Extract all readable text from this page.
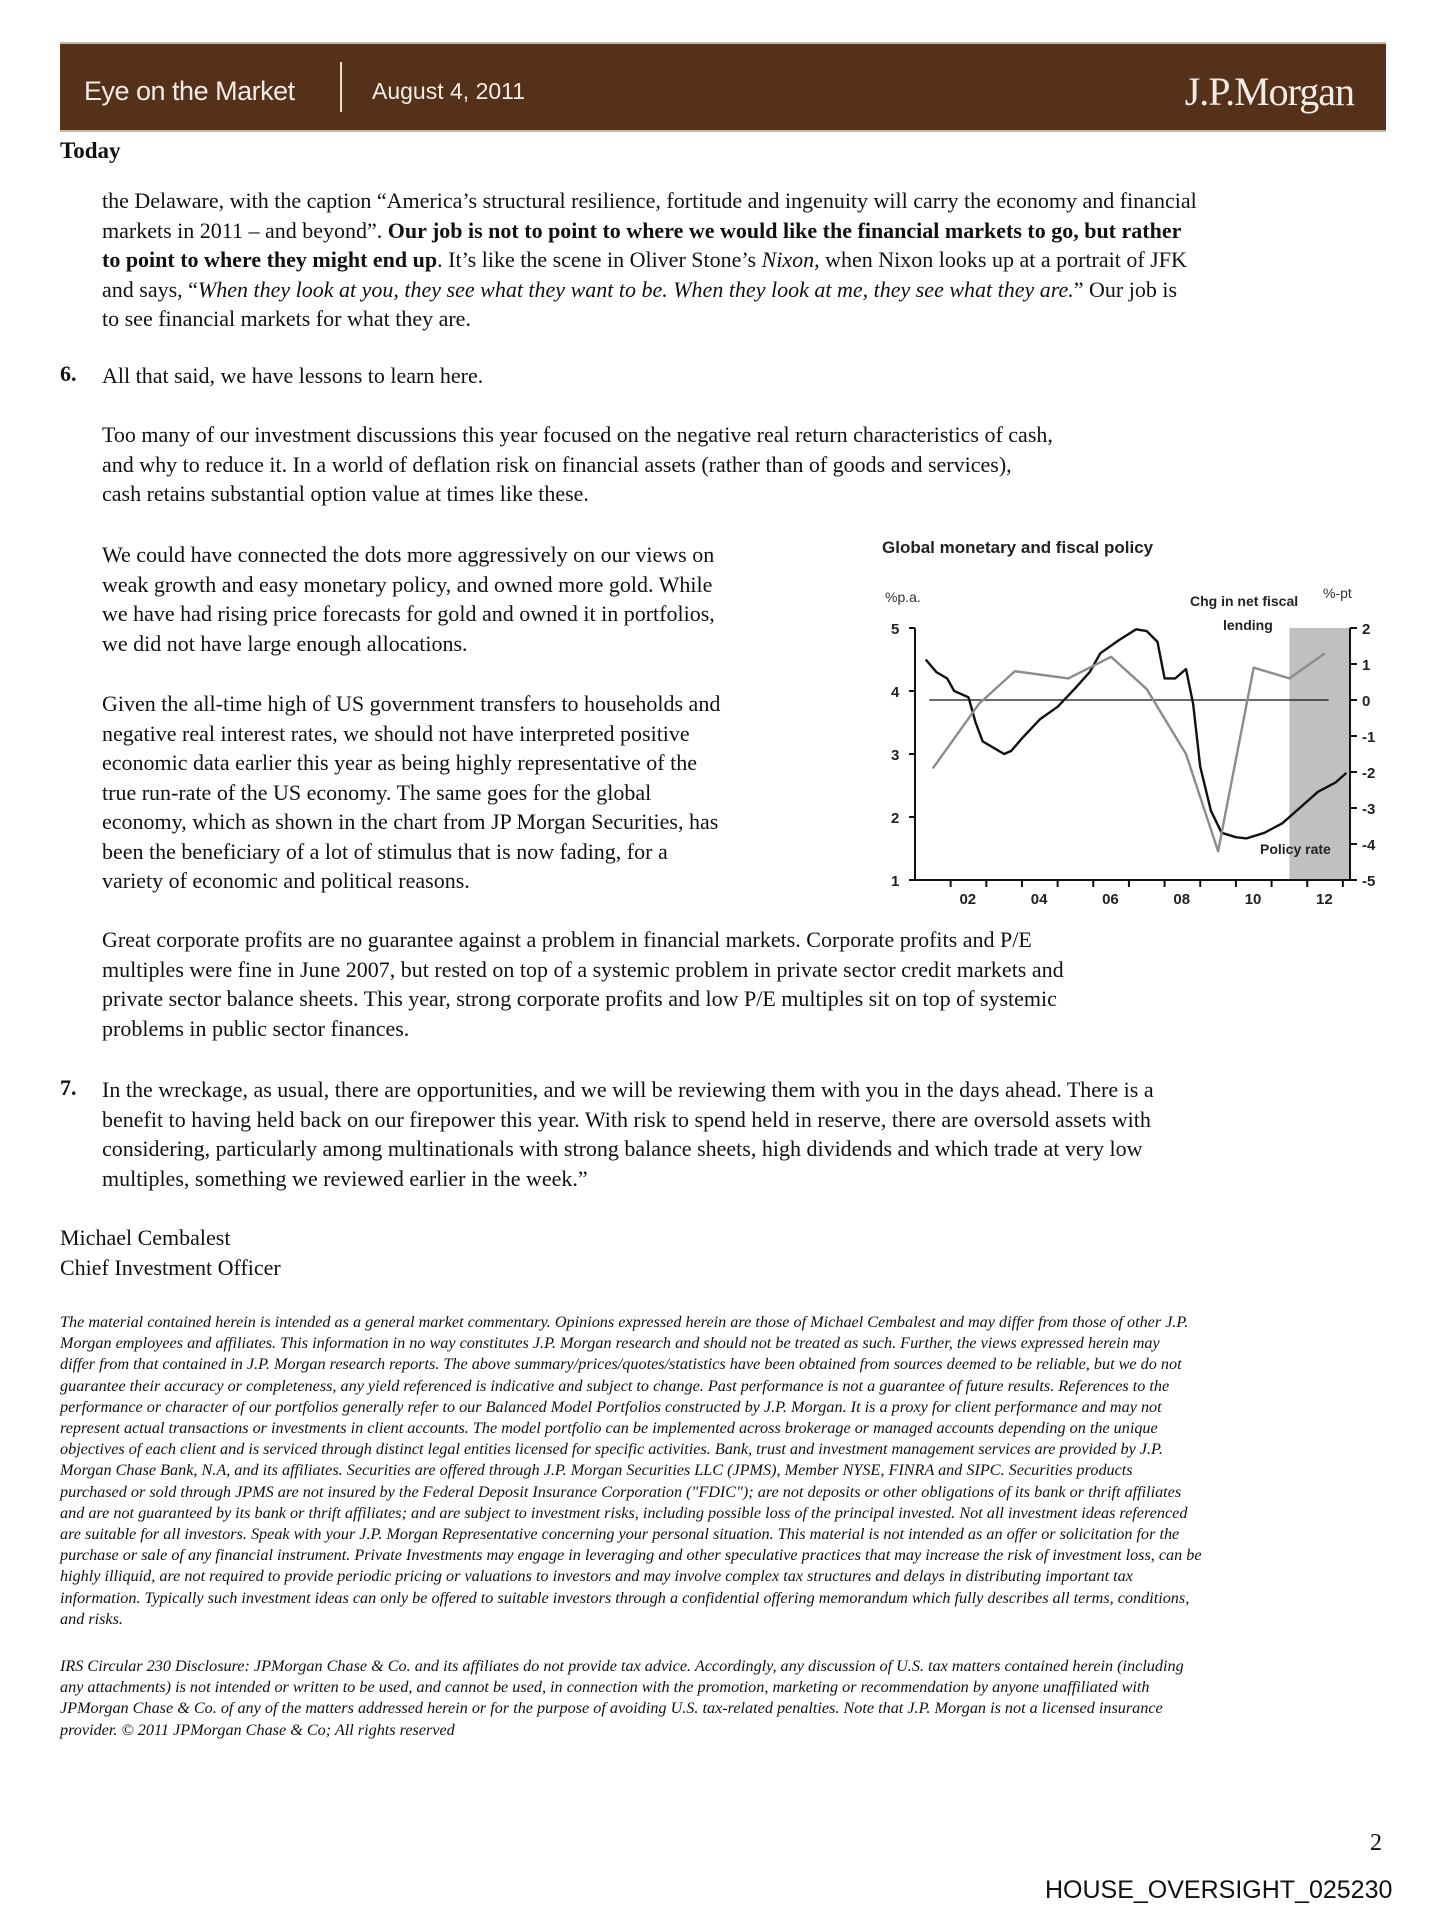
Eye on the Market	August 4, 2011	J.P.Morgan
Today

the Delaware, with the caption “America’s structural resilience, fortitude and ingenuity will carry the economy and financial

markets in 2011 – and beyond”. Our job is not to point to where we would like the financial markets to go, but rather

to point to where they might end up. It’s like the scene in Oliver Stone’s Nixon, when Nixon looks up at a portrait of JFK

and says, “When they look at you, they see what they want to be. When they look at me, they see what they are.” Our job is

to see financial markets for what they are.

6. All that said, we have lessons to learn here.

Too many of our investment discussions this year focused on the negative real return characteristics of cash,

and why to reduce it. In a world of deflation risk on financial assets (rather than of goods and services),

cash retains substantial option value at times like these.

We could have connected the dots more aggressively on our views on

weak growth and easy monetary policy, and owned more gold. While

we have had rising price forecasts for gold and owned it in portfolios,

we did not have large enough allocations.

Given the all-time high of US government transfers to households and

negative real interest rates, we should not have interpreted positive

economic data earlier this year as being highly representative of the

true run-rate of the US economy. The same goes for the global

economy, which as shown in the chart from JP Morgan Securities, has

been the beneficiary of a lot of stimulus that is now fading, for a

variety of economic and political reasons.

Global monetary and fiscal policy
1
2
3
4
5
-5
-4
-3
-2
-1
0
1
2
02	04	06	08	10	12
%p.a.	%-pt
Chg in net fiscal
lending
Policy rate

Great corporate profits are no guarantee against a problem in financial markets. Corporate profits and P/E

multiples were fine in June 2007, but rested on top of a systemic problem in private sector credit markets and

private sector balance sheets. This year, strong corporate profits and low P/E multiples sit on top of systemic

problems in public sector finances.

7. In the wreckage, as usual, there are opportunities, and we will be reviewing them with you in the days ahead. There is a

benefit to having held back on our firepower this year. With risk to spend held in reserve, there are oversold assets with

considering, particularly among multinationals with strong balance sheets, high dividends and which trade at very low

multiples, something we reviewed earlier in the week.”

Michael Cembalest

Chief Investment Officer

The material contained herein is intended as a general market commentary. Opinions expressed herein are those of Michael Cembalest and may differ from those of other J.P.

Morgan employees and affiliates. This information in no way constitutes J.P. Morgan research and should not be treated as such. Further, the views expressed herein may

differ from that contained in J.P. Morgan research reports. The above summary/prices/quotes/statistics have been obtained from sources deemed to be reliable, but we do not

guarantee their accuracy or completeness, any yield referenced is indicative and subject to change. Past performance is not a guarantee of future results. References to the

performance or character of our portfolios generally refer to our Balanced Model Portfolios constructed by J.P. Morgan. It is a proxy for client performance and may not

represent actual transactions or investments in client accounts. The model portfolio can be implemented across brokerage or managed accounts depending on the unique

objectives of each client and is serviced through distinct legal entities licensed for specific activities. Bank, trust and investment management services are provided by J.P.

Morgan Chase Bank, N.A, and its affiliates. Securities are offered through J.P. Morgan Securities LLC (JPMS), Member NYSE, FINRA and SIPC. Securities products

purchased or sold through JPMS are not insured by the Federal Deposit Insurance Corporation ("FDIC"); are not deposits or other obligations of its bank or thrift affiliates

and are not guaranteed by its bank or thrift affiliates; and are subject to investment risks, including possible loss of the principal invested. Not all investment ideas referenced

are suitable for all investors. Speak with your J.P. Morgan Representative concerning your personal situation. This material is not intended as an offer or solicitation for the

purchase or sale of any financial instrument. Private Investments may engage in leveraging and other speculative practices that may increase the risk of investment loss, can be

highly illiquid, are not required to provide periodic pricing or valuations to investors and may involve complex tax structures and delays in distributing important tax

information. Typically such investment ideas can only be offered to suitable investors through a confidential offering memorandum which fully describes all terms, conditions,

and risks.

IRS Circular 230 Disclosure: JPMorgan Chase & Co. and its affiliates do not provide tax advice. Accordingly, any discussion of U.S. tax matters contained herein (including

any attachments) is not intended or written to be used, and cannot be used, in connection with the promotion, marketing or recommendation by anyone unaffiliated with

JPMorgan Chase & Co. of any of the matters addressed herein or for the purpose of avoiding U.S. tax-related penalties. Note that J.P. Morgan is not a licensed insurance

provider. © 2011 JPMorgan Chase & Co; All rights reserved

2
HOUSE_OVERSIGHT_025230
